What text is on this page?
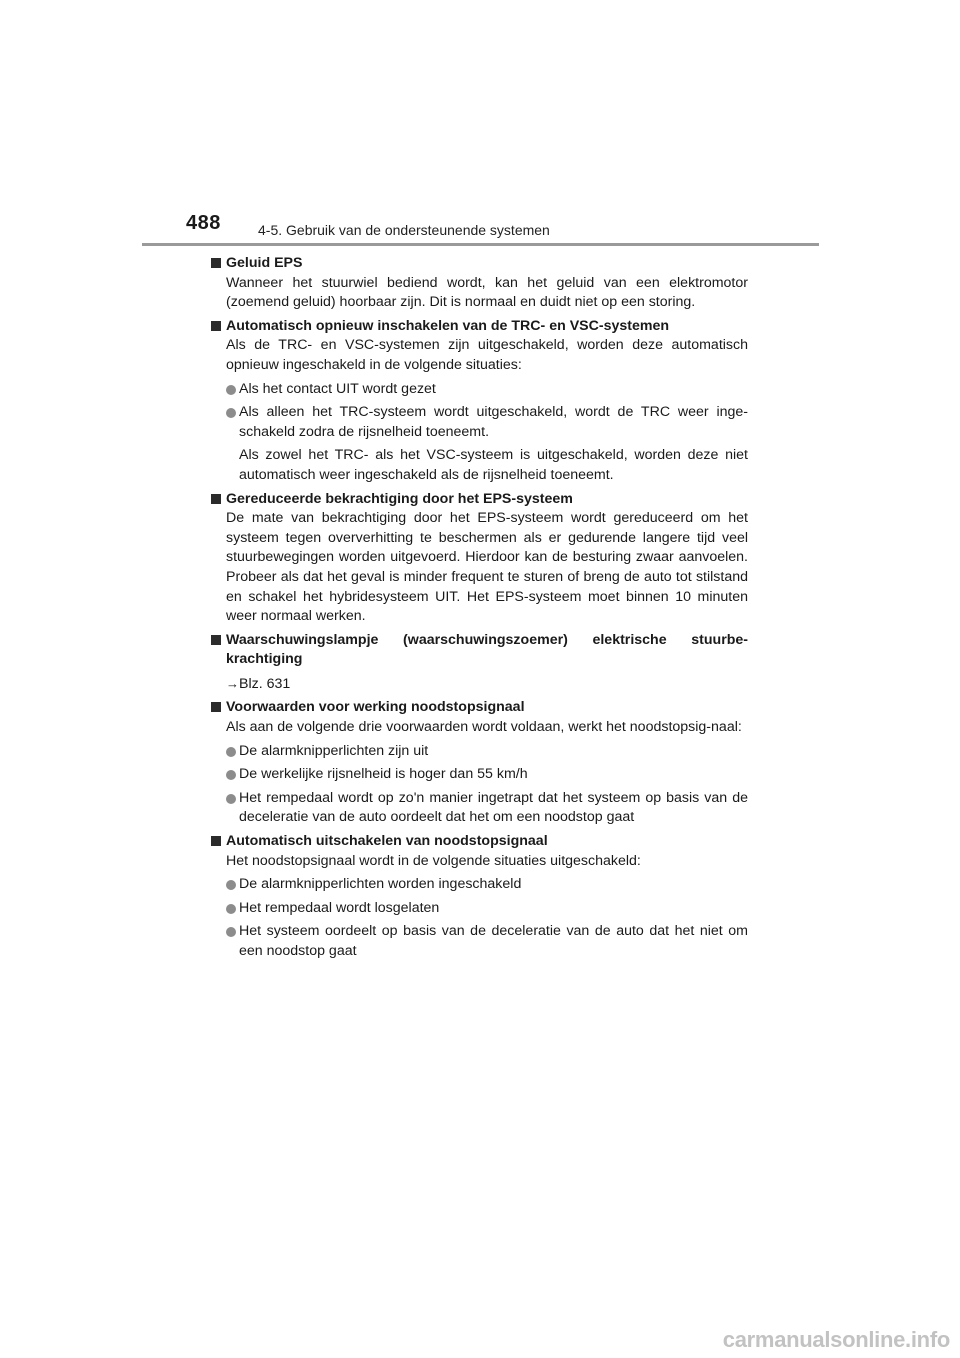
488	4-5. Gebruik van de ondersteunende systemen
Geluid EPS
Wanneer het stuurwiel bediend wordt, kan het geluid van een elektromotor (zoemend geluid) hoorbaar zijn. Dit is normaal en duidt niet op een storing.
Automatisch opnieuw inschakelen van de TRC- en VSC-systemen
Als de TRC- en VSC-systemen zijn uitgeschakeld, worden deze automatisch opnieuw ingeschakeld in de volgende situaties:
Als het contact UIT wordt gezet
Als alleen het TRC-systeem wordt uitgeschakeld, wordt de TRC weer inge-schakeld zodra de rijsnelheid toeneemt.
Als zowel het TRC- als het VSC-systeem is uitgeschakeld, worden deze niet automatisch weer ingeschakeld als de rijsnelheid toeneemt.
Gereduceerde bekrachtiging door het EPS-systeem
De mate van bekrachtiging door het EPS-systeem wordt gereduceerd om het systeem tegen oververhitting te beschermen als er gedurende langere tijd veel stuurbewegingen worden uitgevoerd. Hierdoor kan de besturing zwaar aanvoelen. Probeer als dat het geval is minder frequent te sturen of breng de auto tot stilstand en schakel het hybridesysteem UIT. Het EPS-systeem moet binnen 10 minuten weer normaal werken.
Waarschuwingslampje (waarschuwingszoemer) elektrische stuurbe-krachtiging
→Blz. 631
Voorwaarden voor werking noodstopsignaal
Als aan de volgende drie voorwaarden wordt voldaan, werkt het noodstopsig-naal:
De alarmknipperlichten zijn uit
De werkelijke rijsnelheid is hoger dan 55 km/h
Het rempedaal wordt op zo'n manier ingetrapt dat het systeem op basis van de deceleratie van de auto oordeelt dat het om een noodstop gaat
Automatisch uitschakelen van noodstopsignaal
Het noodstopsignaal wordt in de volgende situaties uitgeschakeld:
De alarmknipperlichten worden ingeschakeld
Het rempedaal wordt losgelaten
Het systeem oordeelt op basis van de deceleratie van de auto dat het niet om een noodstop gaat
carmanualsonline.info
